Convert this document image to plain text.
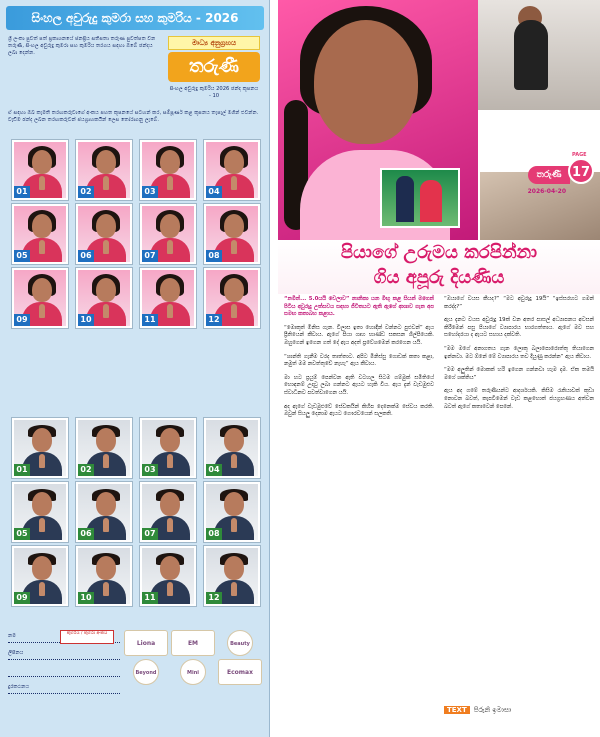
සිංහල අවුරුදු කුමරා සහ කුමරිය - 2026
ශ්‍රී ලංකා පුවත් පත් ප්‍රකාශනයේ ජනප්‍රිය සතිපතා තරුණ පුවත්පත වන තරුණී, සිංහල අවුරුදු කුමරා සහ කුමරිය තරගය සඳහා ඔබේ ඡන්දය ලබා දෙන්න.
මාධ්‍ය අනුග්‍රහය
තරුණී
සිංහල අවුරුදු කුමරිය 2026 ඡන්ද කූපනය - 10
ඒ සඳහා ඔබ කැමති තරඟකරුවාගේ අංකය පහත කූපනයේ සටහන් කර, සම්පූර්ණ කළ කූපනය තැපැල් මගින් එවන්න. වැඩිම ඡන්ද ලබන තරඟකරුවන් ජයග්‍රාහකයින් ලෙස තෝරාගනු ලැබේ.
01	02	03	04
05	06	07	08
09	10	11	12
01	02	03	04
05	06	07	08
09	10	11	12
නම
ලිපිනය
දුරකථනය
කුමරිය / කුමරා අංකය
Liona	EM	Beauty
Beyond	Mini	Ecomax
තරුණී
PAGE
17
2026-04-20
පියාගේ උරුමය කරපින්නා
ගිය අපූරු දියණිය

“නමින්... 5.0යයි වෙලාව” නානිකා යන මිඟු කළ සියන් මගෙන් පිටිය අවුරුදු උත්සවය සඳහා ජීවිතයට ඇති ඇගේ ආශාව ගැන අප සමඟ කතාබහ කළාය.

“මොකුත් මිනිස ගැන. විලාස ඉතා හොඳින් වන්නට පුළුවන්” ඇය ප්‍රීතියෙන් කීවාය. ඇගේ පියා ගෘහ භාණ්ඩ සකසන ශිල්පියෙකි. ඔහුගෙන් ඉගෙන ගත් දේ ඇය අදත් ප්‍රවේශමෙන් කරගෙන යයි.

“ශාන්ති ගැනීම වරද තාත්තාට. අපිට මිනිස්සු ගොඩක් කතා කළා, නමුත් මම නවත්තුවේ නැහැ” ඇය කීවාය.

මා හට ප්‍රයුම් පෙන්වන ඇති වටහල සිටම ගම්මුක් සමිතියේ හොඳනම් උදවු ලබා ගන්නට ඇයට හැකි විය. ඇය දැන් වැඩමුළුව ස්වාධීනව පවත්වාගෙන යයි.

අද ඇගේ වැඩමුළුවේ සේවකයින් කිහිප දෙනෙක්ම සේවය කරති. ඔවුන් සියලු දෙනාම ඇයට ගෞරවයෙන් සලකති.

“ඔයාගේ වයස කීයද?” “මට අවුරුදු 19යි” “ඉස්සරහට ගමන් කරද්ද?”

ඇය දැනට වයස අවුරුදු 19ක් වන අතර පාසල් අධ්‍යාපනය අවසන් කිරීමෙන් පසු පියාගේ ව්‍යාපාරය භාරගත්තාය. ඇගේ මව සහ සහෝදරයා ද ඇයට සහාය දක්වති.

“මම මගේ අනාගතය ගැන ලොකු බලාපොරොත්තු තියාගෙන ඉන්නවා. මට ඕනේ මේ ව්‍යාපාරය තව දියුණු කරන්න” ඇය කීවාය.

“මම අලුතින් මොකක් හරි ඉගෙන ගන්නවා හැම දාම. ඒක තමයි මගේ ශක්තිය”

ඇය අද ගමේ තරුණියන්ට ආදර්ශයකි. කිසිම රැකියාවක් කුඩා නොවන බවත්, කැපවීමෙන් වැඩ කළහොත් ජයග්‍රහණය අත්වන බවත් ඇගේ කතාවෙන් පෙනේ.

TEXT පිරුනි ඉමාසා
